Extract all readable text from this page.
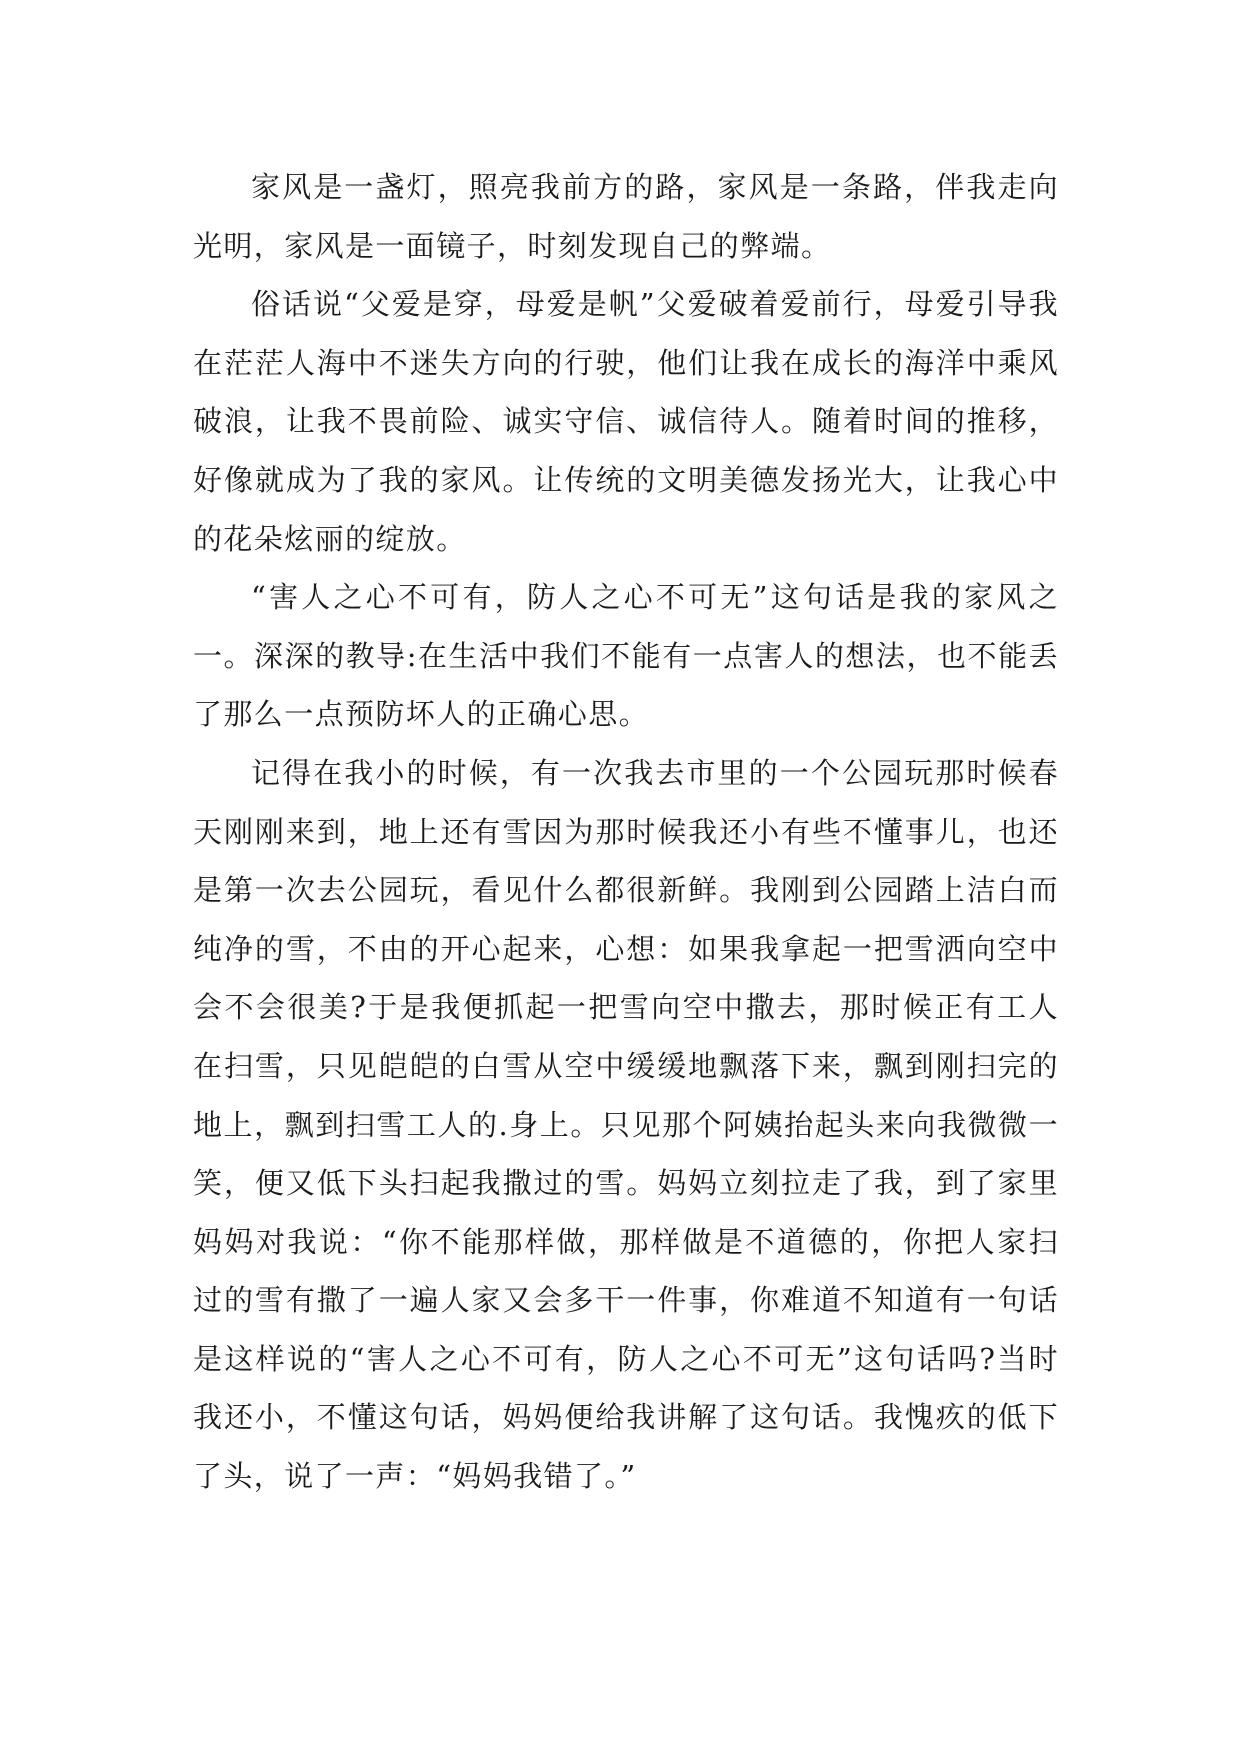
家风是一盏灯，照亮我前方的路，家风是一条路，伴我走向光明，家风是一面镜子，时刻发现自己的弊端。

俗话说“父爱是穿，母爱是帆”父爱破着爱前行，母爱引导我在茫茫人海中不迷失方向的行驶，他们让我在成长的海洋中乘风破浪，让我不畏前险、诚实守信、诚信待人。随着时间的推移，好像就成为了我的家风。让传统的文明美德发扬光大，让我心中的花朵炫丽的绽放。

“害人之心不可有，防人之心不可无”这句话是我的家风之一。深深的教导:在生活中我们不能有一点害人的想法，也不能丢了那么一点预防坏人的正确心思。

记得在我小的时候，有一次我去市里的一个公园玩那时候春天刚刚来到，地上还有雪因为那时候我还小有些不懂事儿，也还是第一次去公园玩，看见什么都很新鲜。我刚到公园踏上洁白而纯净的雪，不由的开心起来，心想：如果我拿起一把雪洒向空中会不会很美?于是我便抓起一把雪向空中撒去，那时候正有工人在扫雪，只见皑皑的白雪从空中缓缓地飘落下来，飘到刚扫完的地上，飘到扫雪工人的.身上。只见那个阿姨抬起头来向我微微一笑，便又低下头扫起我撒过的雪。妈妈立刻拉走了我，到了家里妈妈对我说：“你不能那样做，那样做是不道德的，你把人家扫过的雪有撒了一遍人家又会多干一件事，你难道不知道有一句话是这样说的“害人之心不可有，防人之心不可无”这句话吗?当时我还小，不懂这句话，妈妈便给我讲解了这句话。我愧疚的低下了头，说了一声：“妈妈我错了。”
